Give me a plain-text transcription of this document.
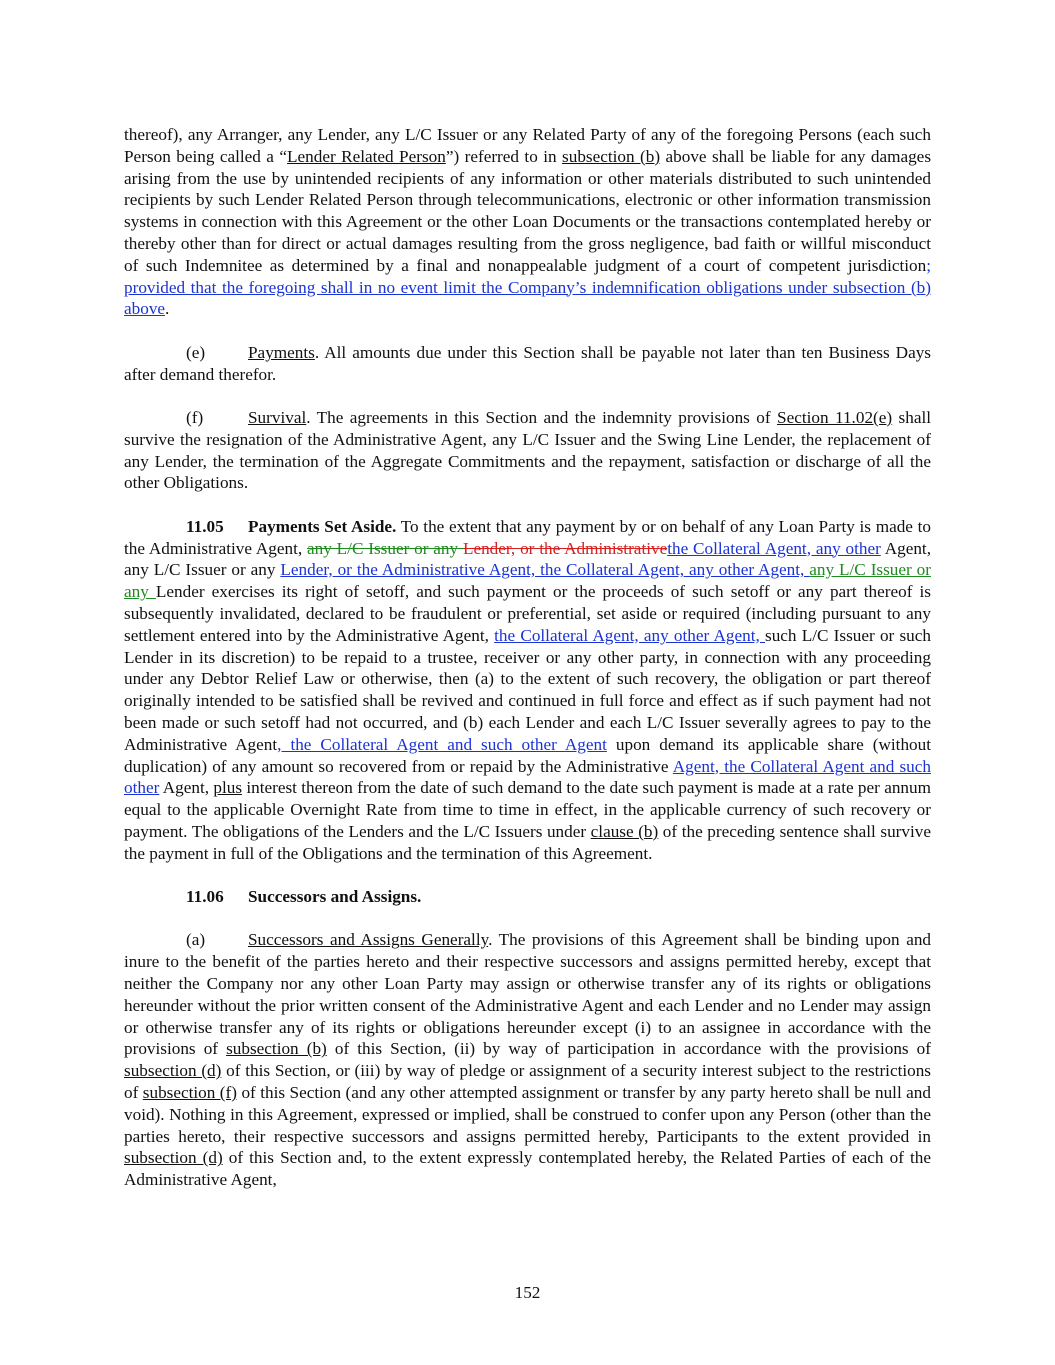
thereof), any Arranger, any Lender, any L/C Issuer or any Related Party of any of the foregoing Persons (each such Person being called a “Lender Related Person”) referred to in subsection (b) above shall be liable for any damages arising from the use by unintended recipients of any information or other materials distributed to such unintended recipients by such Lender Related Person through telecommunications, electronic or other information transmission systems in connection with this Agreement or the other Loan Documents or the transactions contemplated hereby or thereby other than for direct or actual damages resulting from the gross negligence, bad faith or willful misconduct of such Indemnitee as determined by a final and nonappealable judgment of a court of competent jurisdiction; provided that the foregoing shall in no event limit the Company’s indemnification obligations under subsection (b) above.

(e) Payments. All amounts due under this Section shall be payable not later than ten Business Days after demand therefor.

(f)	Survival. The agreements in this Section and the indemnity provisions of Section 11.02(e) shall survive the resignation of the Administrative Agent, any L/C Issuer and the Swing Line Lender, the replacement of any Lender, the termination of the Aggregate Commitments and the repayment, satisfaction or discharge of all the other Obligations.

11.05 Payments Set Aside. To the extent that any payment by or on behalf of any Loan Party is made to the Administrative Agent, any L/C Issuer or any Lender, or the Administrativethe Collateral Agent, any other Agent, any L/C Issuer or any Lender, or the Administrative Agent, the Collateral Agent, any other Agent, any L/C Issuer or any Lender exercises its right of setoff, and such payment or the proceeds of such setoff or any part thereof is subsequently invalidated, declared to be fraudulent or preferential, set aside or required (including pursuant to any settlement entered into by the Administrative Agent, the Collateral Agent, any other Agent, such L/C Issuer or such Lender in its discretion) to be repaid to a trustee, receiver or any other party, in connection with any proceeding under any Debtor Relief Law or otherwise, then (a) to the extent of such recovery, the obligation or part thereof originally intended to be satisfied shall be revived and continued in full force and effect as if such payment had not been made or such setoff had not occurred, and (b) each Lender and each L/C Issuer severally agrees to pay to the Administrative Agent, the Collateral Agent and such other Agent upon demand its applicable share (without duplication) of any amount so recovered from or repaid by the Administrative Agent, the Collateral Agent and such other Agent, plus interest thereon from the date of such demand to the date such payment is made at a rate per annum equal to the applicable Overnight Rate from time to time in effect, in the applicable currency of such recovery or payment. The obligations of the Lenders and the L/C Issuers under clause (b) of the preceding sentence shall survive the payment in full of the Obligations and the termination of this Agreement.

11.06 Successors and Assigns.

(a) Successors and Assigns Generally. The provisions of this Agreement shall be binding upon and inure to the benefit of the parties hereto and their respective successors and assigns permitted hereby, except that neither the Company nor any other Loan Party may assign or otherwise transfer any of its rights or obligations hereunder without the prior written consent of the Administrative Agent and each Lender and no Lender may assign or otherwise transfer any of its rights or obligations hereunder except (i) to an assignee in accordance with the provisions of subsection (b) of this Section, (ii) by way of participation in accordance with the provisions of subsection (d) of this Section, or (iii) by way of pledge or assignment of a security interest subject to the restrictions of subsection (f) of this Section (and any other attempted assignment or transfer by any party hereto shall be null and void). Nothing in this Agreement, expressed or implied, shall be construed to confer upon any Person (other than the parties hereto, their respective successors and assigns permitted hereby, Participants to the extent provided in subsection (d) of this Section and, to the extent expressly contemplated hereby, the Related Parties of each of the Administrative Agent,

152
